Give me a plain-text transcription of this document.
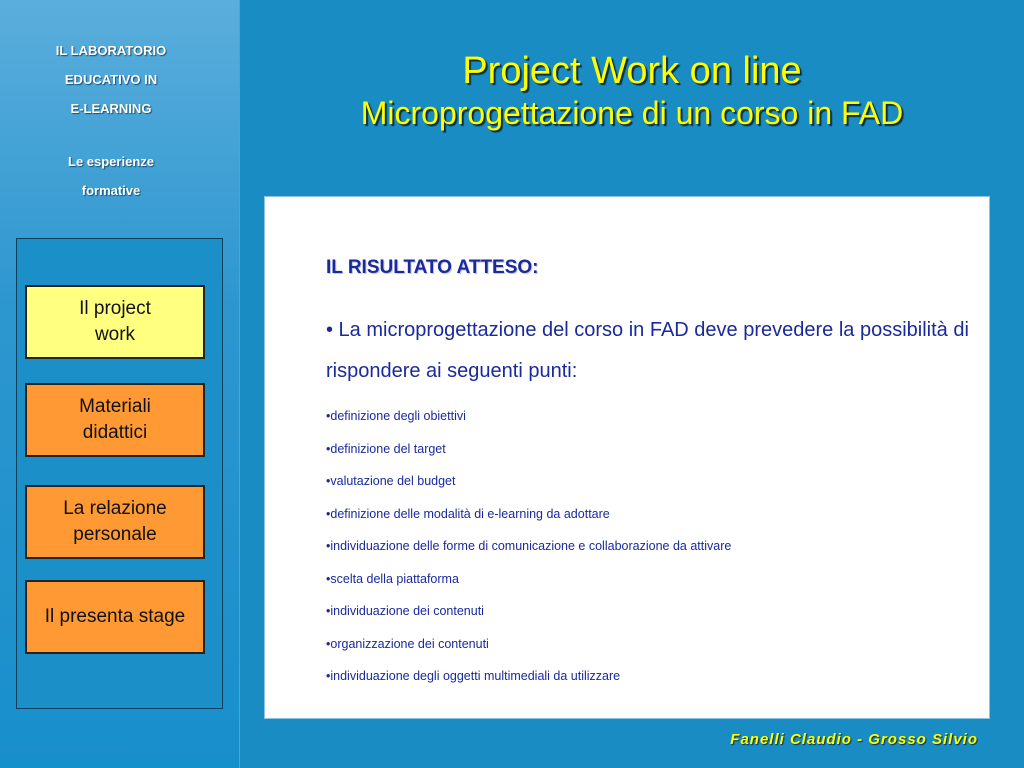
IL LABORATORIO
EDUCATIVO IN
E-LEARNING
Le esperienze
formative
Il project
work
Materiali
didattici
La relazione
personale
Il presenta stage
Project Work on line
Microprogettazione di un corso in FAD
IL RISULTATO ATTESO:
• La microprogettazione del corso in FAD deve prevedere la possibilità di rispondere ai seguenti punti:
•definizione degli obiettivi
•definizione del target
•valutazione del budget
•definizione delle modalità di e-learning da adottare
•individuazione delle forme di comunicazione e collaborazione da attivare
•scelta della piattaforma
•individuazione dei contenuti
•organizzazione dei contenuti
•individuazione degli oggetti multimediali da utilizzare
Fanelli Claudio - Grosso Silvio
